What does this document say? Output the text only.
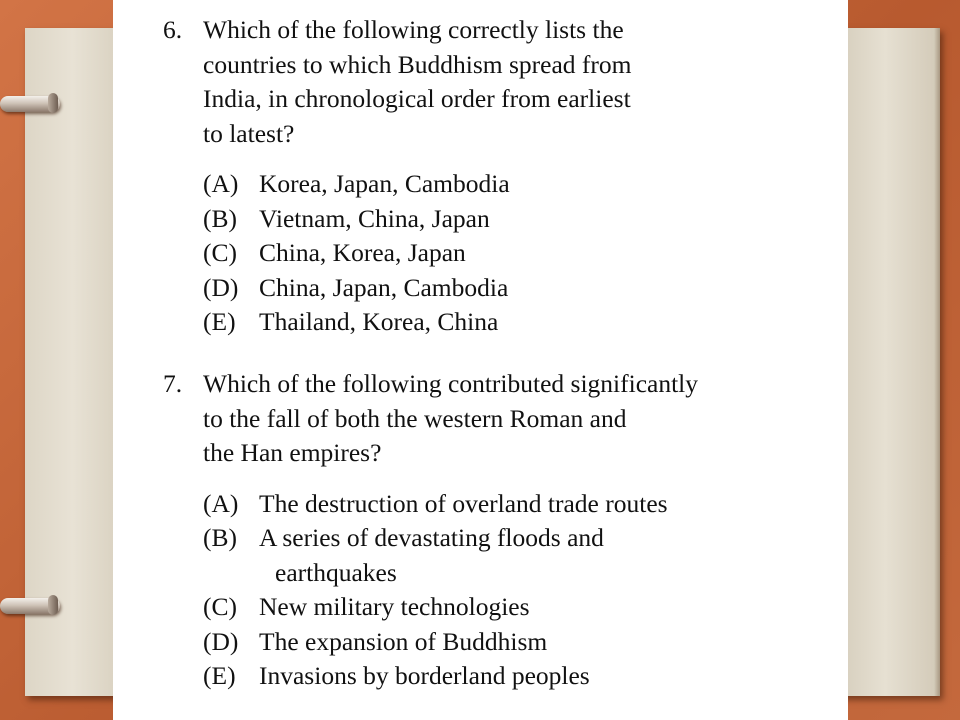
6. Which of the following correctly lists the
countries to which Buddhism spread from
India, in chronological order from earliest
to latest?
(A) Korea, Japan, Cambodia
(B) Vietnam, China, Japan
(C) China, Korea, Japan
(D) China, Japan, Cambodia
(E) Thailand, Korea, China
7. Which of the following contributed significantly
to the fall of both the western Roman and
the Han empires?
(A) The destruction of overland trade routes
(B) A series of devastating floods and
earthquakes
(C) New military technologies
(D) The expansion of Buddhism
(E) Invasions by borderland peoples
